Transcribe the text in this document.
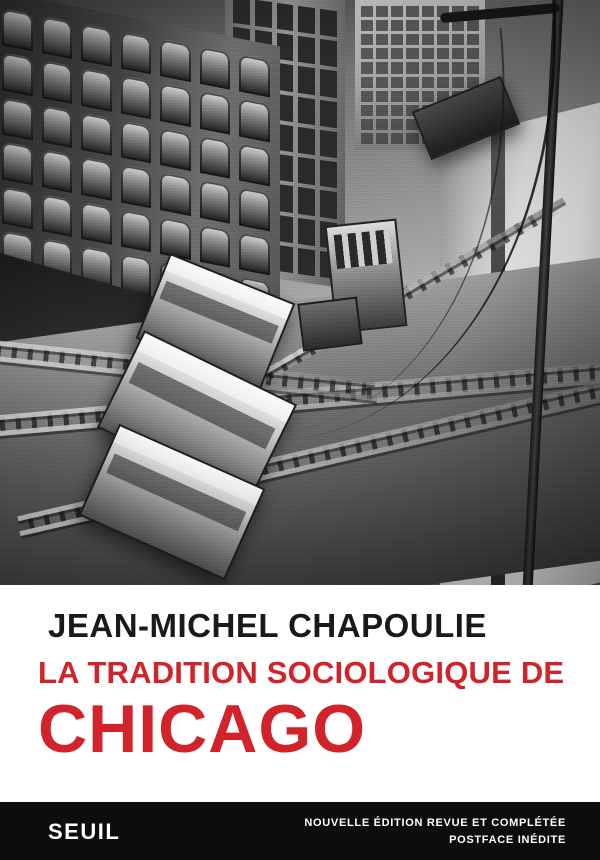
JEAN-MICHEL CHAPOULIE
LA TRADITION SOCIOLOGIQUE DE
CHICAGO
SEUIL	NOUVELLE ÉDITION REVUE ET COMPLÉTÉE
POSTFACE INÉDITE
